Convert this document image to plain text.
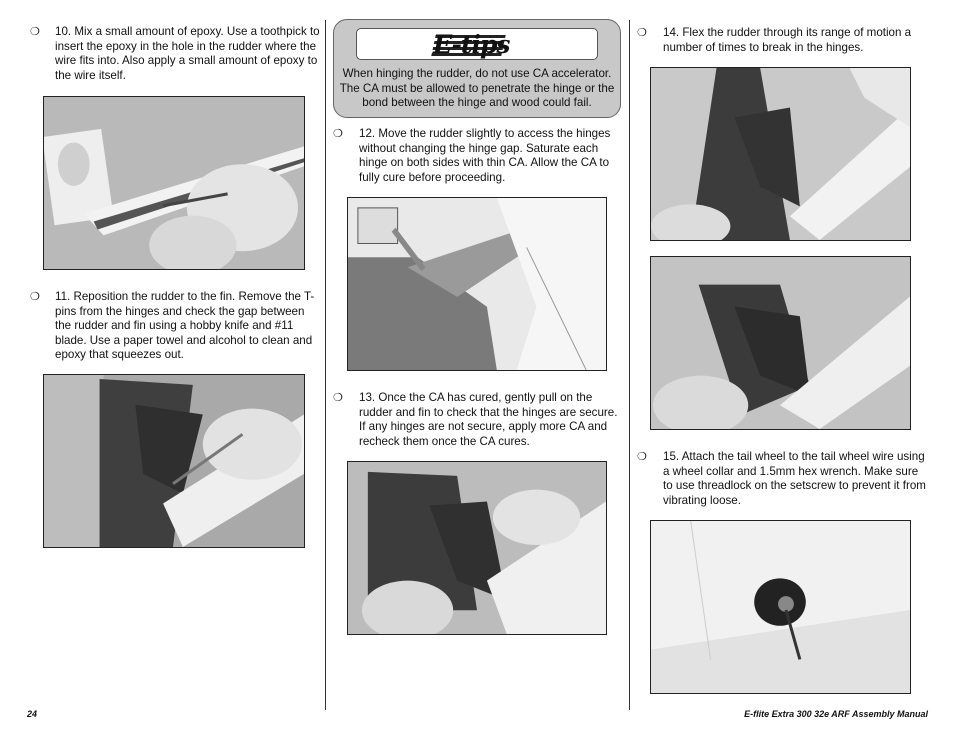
❍ 10. Mix a small amount of epoxy. Use a toothpick to insert the epoxy in the hole in the rudder where the wire fits into. Also apply a small amount of epoxy to the wire itself.
❍ 11. Reposition the rudder to the fin. Remove the T-pins from the hinges and check the gap between the rudder and fin using a hobby knife and #11 blade. Use a paper towel and alcohol to clean and epoxy that squeezes out.
E-tips
When hinging the rudder, do not use CA accelerator. The CA must be allowed to penetrate the hinge or the bond between the hinge and wood could fail.
❍ 12. Move the rudder slightly to access the hinges without changing the hinge gap. Saturate each hinge on both sides with thin CA. Allow the CA to fully cure before proceeding.
❍ 13. Once the CA has cured, gently pull on the rudder and fin to check that the hinges are secure. If any hinges are not secure, apply more CA and recheck them once the CA cures.
❍ 14. Flex the rudder through its range of motion a number of times to break in the hinges.
❍ 15. Attach the tail wheel to the tail wheel wire using a wheel collar and 1.5mm hex wrench. Make sure to use threadlock on the setscrew to prevent it from vibrating loose.
24	E-flite Extra 300 32e ARF Assembly Manual
